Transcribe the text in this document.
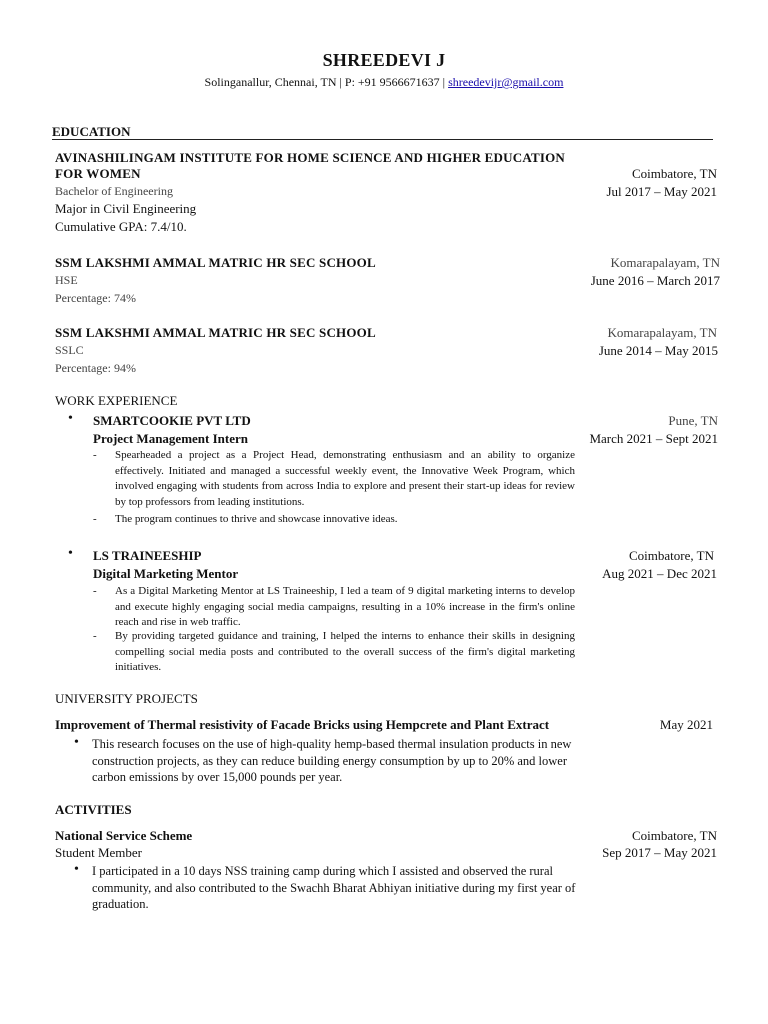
SHREEDEVI J
Solinganallur, Chennai, TN | P: +91 9566671637 | shreedevijr@gmail.com
EDUCATION
AVINASHILINGAM INSTITUTE FOR HOME SCIENCE AND HIGHER EDUCATION
FOR WOMEN	Coimbatore, TN
Bachelor of Engineering	Jul 2017 – May 2021
Major in Civil Engineering
Cumulative GPA: 7.4/10.
SSM LAKSHMI AMMAL MATRIC HR SEC SCHOOL	Komarapalayam, TN
HSE	June 2016 – March 2017
Percentage: 74%
SSM LAKSHMI AMMAL MATRIC HR SEC SCHOOL	Komarapalayam, TN
SSLC	June 2014 – May 2015
Percentage: 94%
WORK EXPERIENCE
• SMARTCOOKIE PVT LTD	Pune, TN
Project Management Intern	March 2021 – Sept 2021
- Spearheaded a project as a Project Head, demonstrating enthusiasm and an ability to organize effectively. Initiated and managed a successful weekly event, the Innovative Week Program, which involved engaging with students from across India to explore and present their start-up ideas for review by top professors from leading institutions.
- The program continues to thrive and showcase innovative ideas.
• LS TRAINEESHIP	Coimbatore, TN
Digital Marketing Mentor	Aug 2021 – Dec 2021
- As a Digital Marketing Mentor at LS Traineeship, I led a team of 9 digital marketing interns to develop and execute highly engaging social media campaigns, resulting in a 10% increase in the firm's online reach and rise in web traffic.
- By providing targeted guidance and training, I helped the interns to enhance their skills in designing compelling social media posts and contributed to the overall success of the firm's digital marketing initiatives.
UNIVERSITY PROJECTS
Improvement of Thermal resistivity of Facade Bricks using Hempcrete and Plant Extract	May 2021
• This research focuses on the use of high-quality hemp-based thermal insulation products in new construction projects, as they can reduce building energy consumption by up to 20% and lower carbon emissions by over 15,000 pounds per year.
ACTIVITIES
National Service Scheme	Coimbatore, TN
Student Member	Sep 2017 – May 2021
• I participated in a 10 days NSS training camp during which I assisted and observed the rural community, and also contributed to the Swachh Bharat Abhiyan initiative during my first year of graduation.
